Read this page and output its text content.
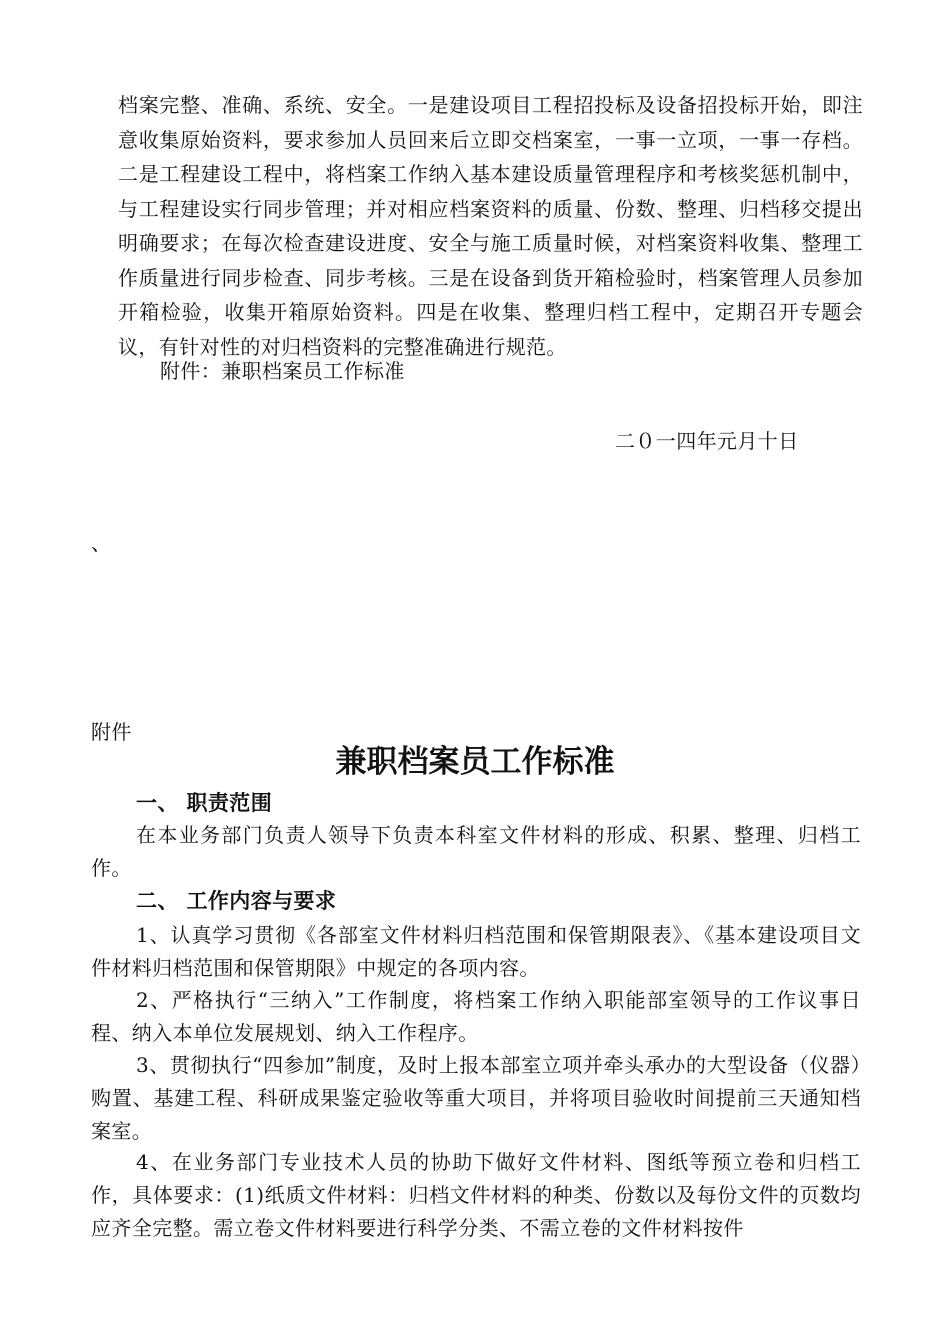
档案完整、准确、系统、安全。一是建设项目工程招投标及设备招投标开始，即注意收集原始资料，要求参加人员回来后立即交档案室，一事一立项，一事一存档。二是工程建设工程中，将档案工作纳入基本建设质量管理程序和考核奖惩机制中，与工程建设实行同步管理；并对相应档案资料的质量、份数、整理、归档移交提出明确要求；在每次检查建设进度、安全与施工质量时候，对档案资料收集、整理工作质量进行同步检查、同步考核。三是在设备到货开箱检验时，档案管理人员参加开箱检验，收集开箱原始资料。四是在收集、整理归档工程中，定期召开专题会议，有针对性的对归档资料的完整准确进行规范。
附件：兼职档案员工作标准
二０一四年元月十日
、
附件
兼职档案员工作标准
一、 职责范围
在本业务部门负责人领导下负责本科室文件材料的形成、积累、整理、归档工作。
二、 工作内容与要求
1、认真学习贯彻《各部室文件材料归档范围和保管期限表》、《基本建设项目文件材料归档范围和保管期限》中规定的各项内容。
2、严格执行“三纳入”工作制度，将档案工作纳入职能部室领导的工作议事日程、纳入本单位发展规划、纳入工作程序。
3、贯彻执行“四参加”制度，及时上报本部室立项并牵头承办的大型设备（仪器）购置、基建工程、科研成果鉴定验收等重大项目，并将项目验收时间提前三天通知档案室。
4、在业务部门专业技术人员的协助下做好文件材料、图纸等预立卷和归档工作，具体要求：(1)纸质文件材料：归档文件材料的种类、份数以及每份文件的页数均应齐全完整。需立卷文件材料要进行科学分类、不需立卷的文件材料按件
